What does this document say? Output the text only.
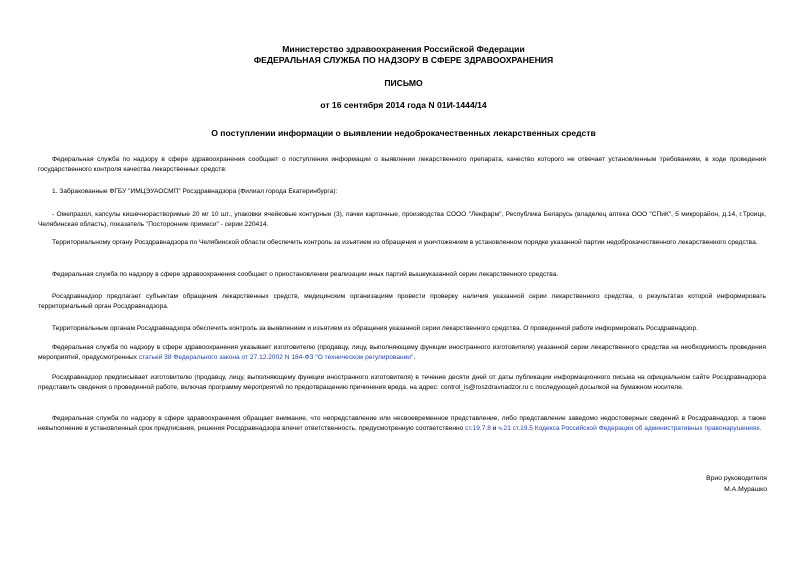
Министерство здравоохранения Российской Федерации
ФЕДЕРАЛЬНАЯ СЛУЖБА ПО НАДЗОРУ В СФЕРЕ ЗДРАВООХРАНЕНИЯ
ПИСЬМО
от 16 сентября 2014 года N 01И-1444/14
О поступлении информации о выявлении недоброкачественных лекарственных средств
Федеральная служба по надзору в сфере здравоохранения сообщает о поступлении информации о выявлении лекарственного препарата, качество которого не отвечает установленным требованиям, в ходе проведения государственного контроля качества лекарственных средств:
1. Забракованные ФГБУ "ИМЦЭУАОСМП" Росздравнадзора (Филиал города Екатеринбурга):
- Омепразол, капсулы кишечнорастворимые 20 мг 10 шт., упаковки ячейковые контурные (3), пачки картонные, производства СООО "Лекфарм", Республика Беларусь (владелец аптека ООО "СПиК", 5 микрорайон, д.14, г.Троицк, Челябинская область), показатель "Посторонние примеси" - серии 220414.
Территориальному органу Росздравнадзора по Челябинской области обеспечить контроль за изъятием из обращения и уничтожением в установленном порядке указанной партии недоброкачественного лекарственного средства.
Федеральная служба по надзору в сфере здравоохранения сообщает о приостановлении реализации иных партий вышеуказанной серии лекарственного средства.
Росздравнадзор предлагает субъектам обращения лекарственных средств, медицинским организациям провести проверку наличия указанной серии лекарственного средства, о результатах которой информировать территориальный орган Росздравнадзора.
Территориальным органам Росздравнадзора обеспечить контроль за выявлением и изъятием из обращения указанной серии лекарственного средства. О проведенной работе информировать Росздравнадзор.
Федеральная служба по надзору в сфере здравоохранения указывает изготовителю (продавцу, лицу, выполняющему функции иностранного изготовителя) указанной серии лекарственного средства на необходимость проведения мероприятий, предусмотренных статьей 38 Федерального закона от 27.12.2002 N 184-ФЗ "О техническом регулировании".
Росздравнадзор предписывает изготовителю (продавцу, лицу, выполняющему функции иностранного изготовителя) в течение десяти дней от даты публикации информационного письма на официальном сайте Росздравнадзора представить сведения о проведенной работе, включая программу мероприятий по предотвращению причинения вреда, на адрес: control_ls@roszdravnadzor.ru с последующей досылкой на бумажном носителе.
Федеральная служба по надзору в сфере здравоохранения обращает внимание, что непредставление или несвоевременное представление, либо представление заведомо недостоверных сведений в Росздравнадзор, а также невыполнение в установленный срок предписания, решения Росздравнадзора влечет ответственность, предусмотренную соответственно ст.19.7.8 и ч.21 ст.19.5 Кодекса Российской Федерации об административных правонарушениях.
Врио руководителя
М.А.Мурашко
